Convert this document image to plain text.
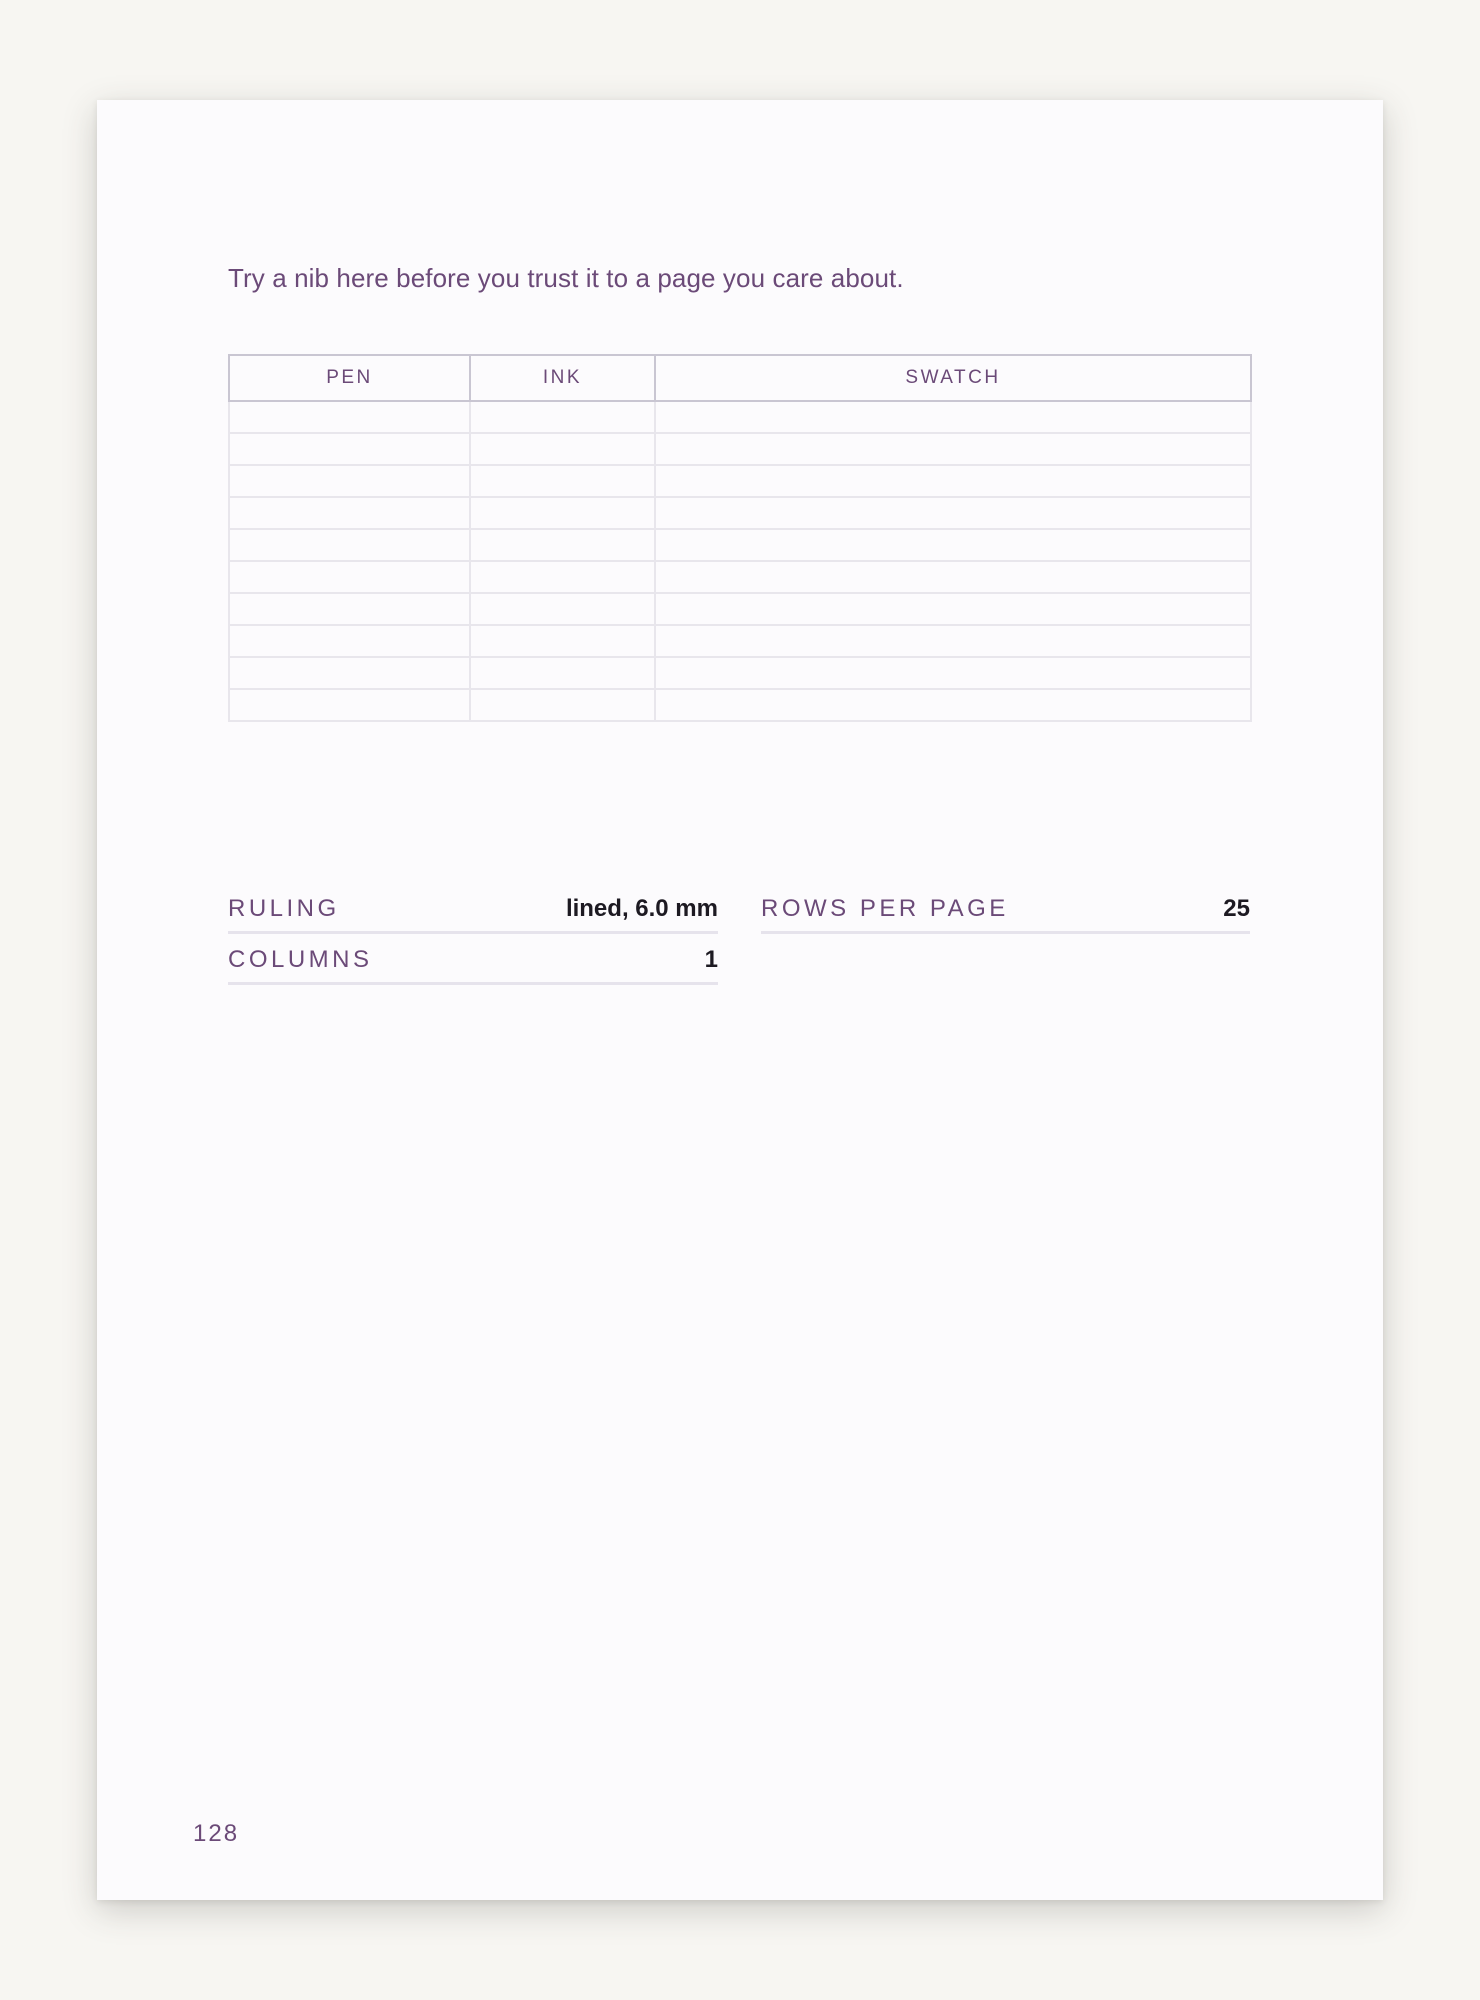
Try a nib here before you trust it to a page you care about.

PEN	INK	SWATCH

RULING	lined, 6.0 mm
COLUMNS	1
ROWS PER PAGE	25
128
